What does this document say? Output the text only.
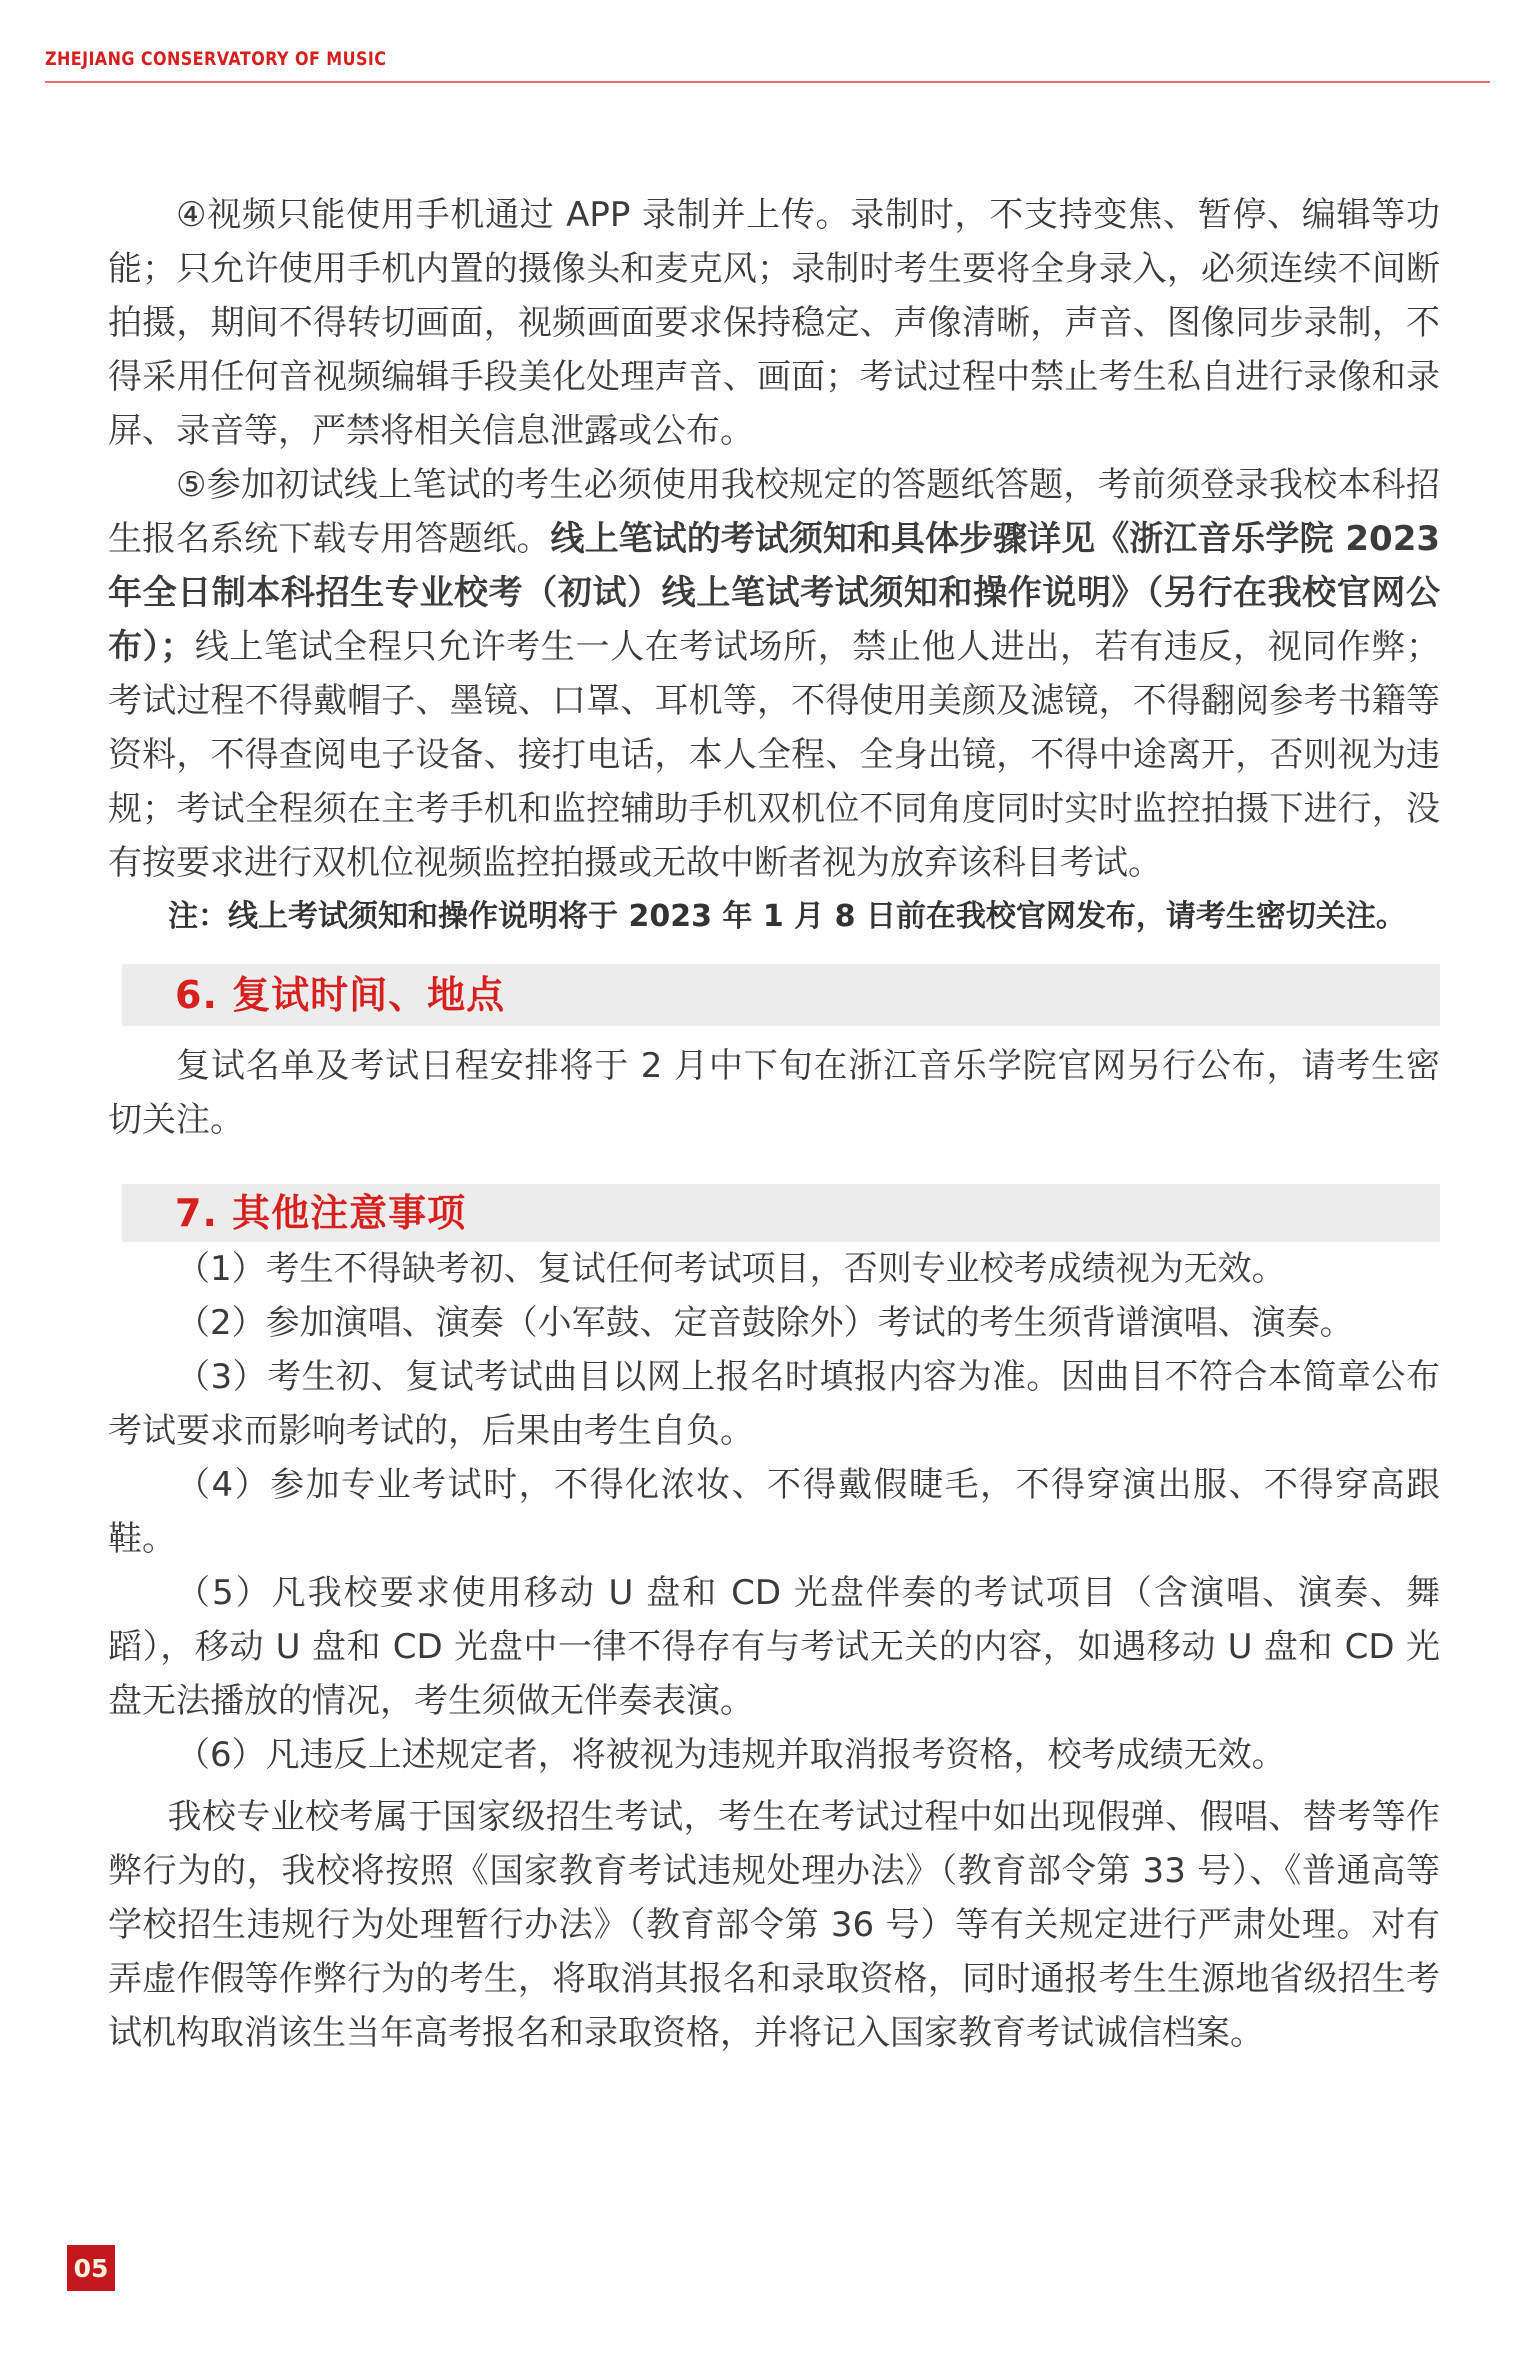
ZHEJIANG CONSERVATORY OF MUSIC

④视频只能使用手机通过 APP 录制并上传。录制时，不支持变焦、暂停、编辑等功能；只允许使用手机内置的摄像头和麦克风；录制时考生要将全身录入，必须连续不间断拍摄，期间不得转切画面，视频画面要求保持稳定、声像清晰，声音、图像同步录制，不得采用任何音视频编辑手段美化处理声音、画面；考试过程中禁止考生私自进行录像和录屏、录音等，严禁将相关信息泄露或公布。

⑤参加初试线上笔试的考生必须使用我校规定的答题纸答题，考前须登录我校本科招生报名系统下载专用答题纸。线上笔试的考试须知和具体步骤详见《浙江音乐学院 2023 年全日制本科招生专业校考（初试）线上笔试考试须知和操作说明》（另行在我校官网公布）；线上笔试全程只允许考生一人在考试场所，禁止他人进出，若有违反，视同作弊；考试过程不得戴帽子、墨镜、口罩、耳机等，不得使用美颜及滤镜，不得翻阅参考书籍等资料，不得查阅电子设备、接打电话，本人全程、全身出镜，不得中途离开，否则视为违规；考试全程须在主考手机和监控辅助手机双机位不同角度同时实时监控拍摄下进行，没有按要求进行双机位视频监控拍摄或无故中断者视为放弃该科目考试。

注：线上考试须知和操作说明将于 2023 年 1 月 8 日前在我校官网发布，请考生密切关注。

6. 复试时间、地点

复试名单及考试日程安排将于 2 月中下旬在浙江音乐学院官网另行公布，请考生密切关注。

7. 其他注意事项

（1）考生不得缺考初、复试任何考试项目，否则专业校考成绩视为无效。

（2）参加演唱、演奏（小军鼓、定音鼓除外）考试的考生须背谱演唱、演奏。

（3）考生初、复试考试曲目以网上报名时填报内容为准。因曲目不符合本简章公布考试要求而影响考试的，后果由考生自负。

（4）参加专业考试时，不得化浓妆、不得戴假睫毛，不得穿演出服、不得穿高跟鞋。

（5）凡我校要求使用移动 U 盘和 CD 光盘伴奏的考试项目（含演唱、演奏、舞蹈），移动 U 盘和 CD 光盘中一律不得存有与考试无关的内容，如遇移动 U 盘和 CD 光盘无法播放的情况，考生须做无伴奏表演。

（6）凡违反上述规定者，将被视为违规并取消报考资格，校考成绩无效。

我校专业校考属于国家级招生考试，考生在考试过程中如出现假弹、假唱、替考等作弊行为的，我校将按照《国家教育考试违规处理办法》（教育部令第 33 号）、《普通高等学校招生违规行为处理暂行办法》（教育部令第 36 号）等有关规定进行严肃处理。对有弄虚作假等作弊行为的考生，将取消其报名和录取资格，同时通报考生生源地省级招生考试机构取消该生当年高考报名和录取资格，并将记入国家教育考试诚信档案。

05
